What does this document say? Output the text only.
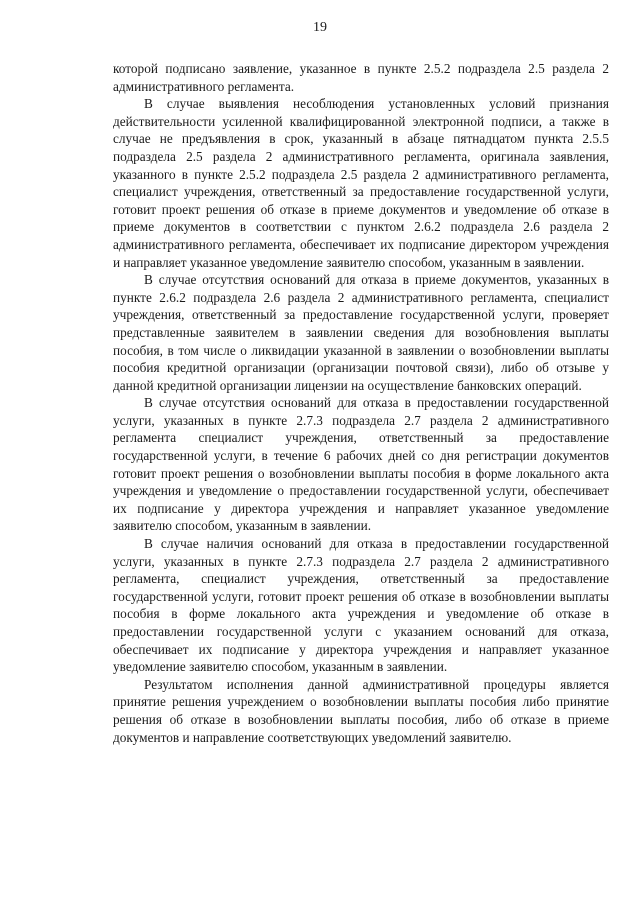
19

которой подписано заявление, указанное в пункте 2.5.2 подраздела 2.5 раздела 2 административного регламента.

В случае выявления несоблюдения установленных условий признания действительности усиленной квалифицированной электронной подписи, а также в случае не предъявления в срок, указанный в абзаце пятнадцатом пункта 2.5.5 подраздела 2.5 раздела 2 административного регламента, оригинала заявления, указанного в пункте 2.5.2 подраздела 2.5 раздела 2 административного регламента, специалист учреждения, ответственный за предоставление государственной услуги, готовит проект решения об отказе в приеме документов и уведомление об отказе в приеме документов в соответствии с пунктом 2.6.2 подраздела 2.6 раздела 2 административного регламента, обеспечивает их подписание директором учреждения и направляет указанное уведомление заявителю способом, указанным в заявлении.

В случае отсутствия оснований для отказа в приеме документов, указанных в пункте 2.6.2 подраздела 2.6 раздела 2 административного регламента, специалист учреждения, ответственный за предоставление государственной услуги, проверяет представленные заявителем в заявлении сведения для возобновления выплаты пособия, в том числе о ликвидации указанной в заявлении о возобновлении выплаты пособия кредитной организации (организации почтовой связи), либо об отзыве у данной кредитной организации лицензии на осуществление банковских операций.

В случае отсутствия оснований для отказа в предоставлении государственной услуги, указанных в пункте 2.7.3 подраздела 2.7 раздела 2 административного регламента специалист учреждения, ответственный за предоставление государственной услуги, в течение 6 рабочих дней со дня регистрации документов готовит проект решения о возобновлении выплаты пособия в форме локального акта учреждения и уведомление о предоставлении государственной услуги, обеспечивает их подписание у директора учреждения и направляет указанное уведомление заявителю способом, указанным в заявлении.

В случае наличия оснований для отказа в предоставлении государственной услуги, указанных в пункте 2.7.3 подраздела 2.7 раздела 2 административного регламента, специалист учреждения, ответственный за предоставление государственной услуги, готовит проект решения об отказе в возобновлении выплаты пособия в форме локального акта учреждения и уведомление об отказе в предоставлении государственной услуги с указанием оснований для отказа, обеспечивает их подписание у директора учреждения и направляет указанное уведомление заявителю способом, указанным в заявлении.

Результатом исполнения данной административной процедуры является принятие решения учреждением о возобновлении выплаты пособия либо принятие решения об отказе в возобновлении выплаты пособия, либо об отказе в приеме документов и направление соответствующих уведомлений заявителю.
